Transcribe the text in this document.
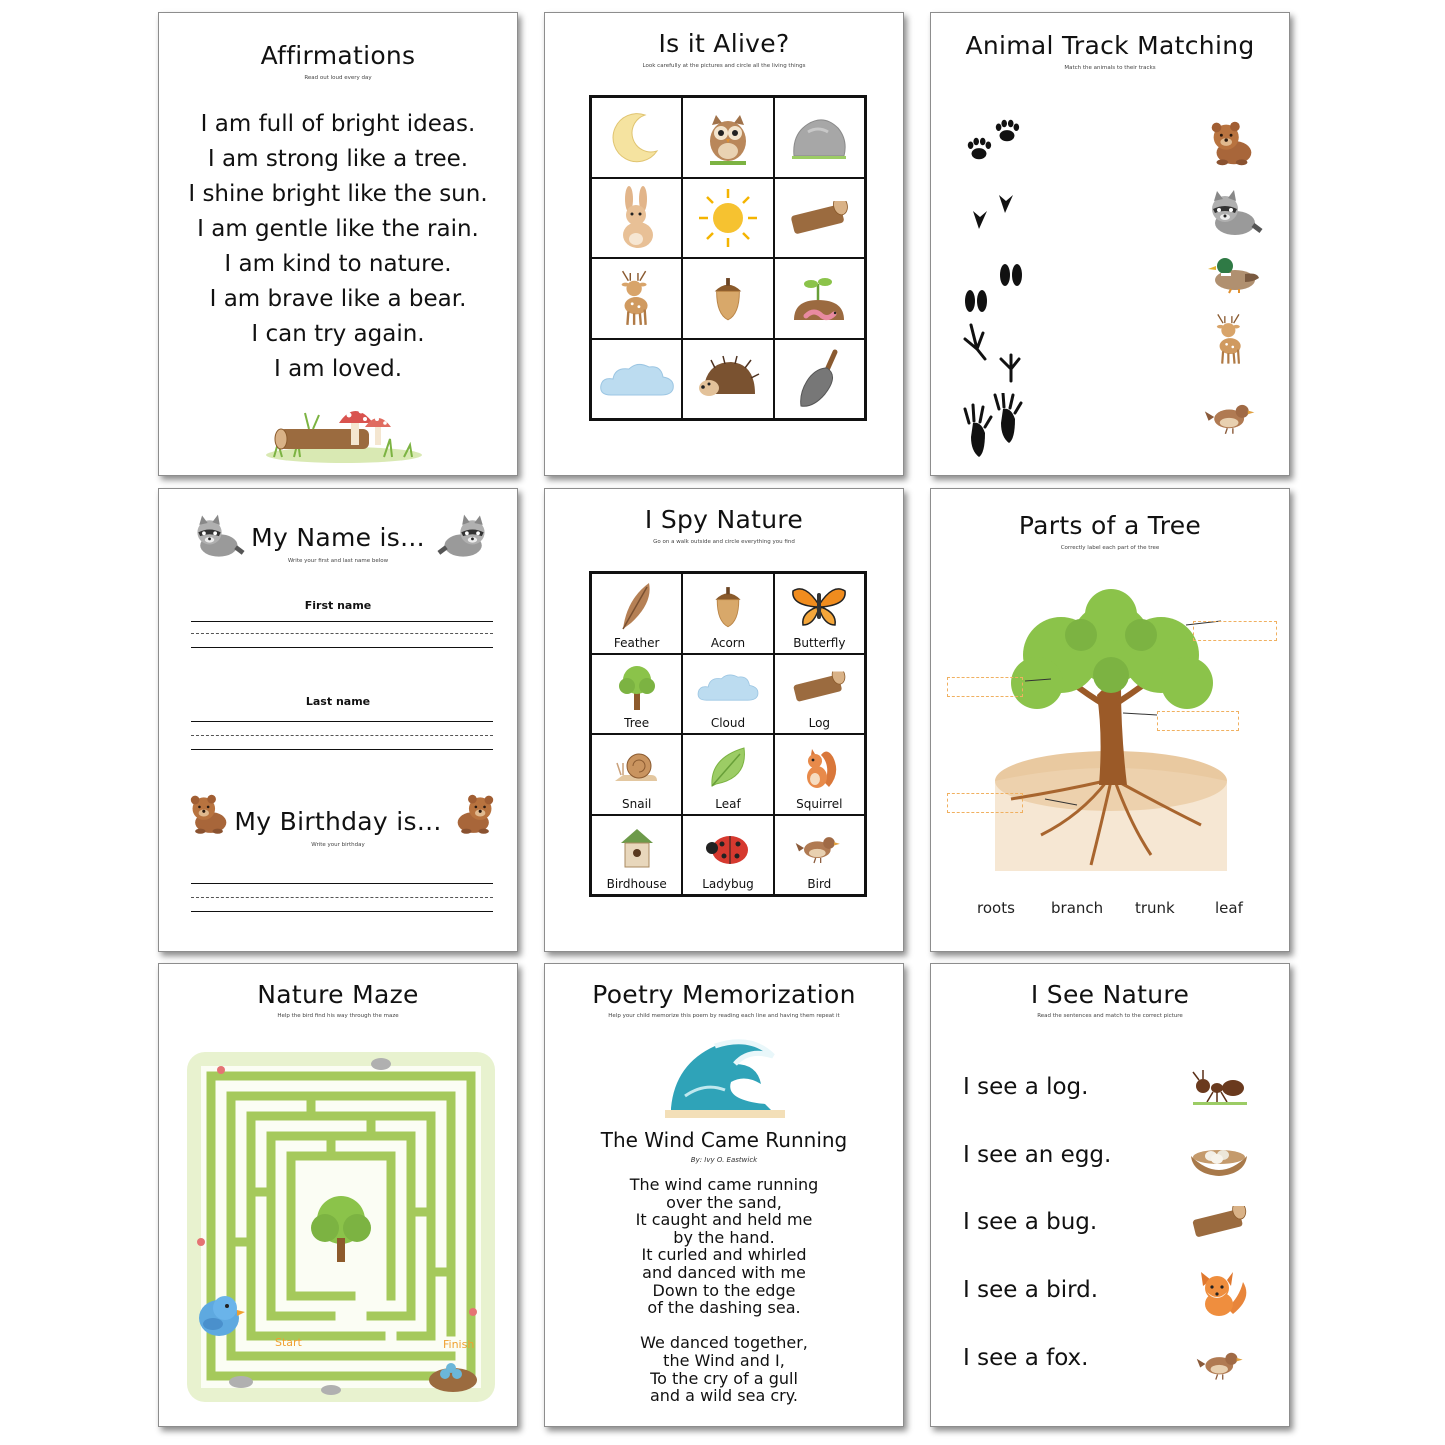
Affirmations
Read out loud every day
I am full of bright ideas.
I am strong like a tree.
I shine bright like the sun.
I am gentle like the rain.
I am kind to nature.
I am brave like a bear.
I can try again.
I am loved.
Is it Alive?
Look carefully at the pictures and circle all the living things
Animal Track Matching
Match the animals to their tracks
My Name is...
Write your first and last name below
First name
Last name
My Birthday is...
Write your birthday
I Spy Nature
Go on a walk outside and circle everything you find
Feather	Acorn	Butterfly
Tree	Cloud	Log
Snail	Leaf	Squirrel
Birdhouse	Ladybug	Bird
Parts of a Tree
Correctly label each part of the tree
roots branch trunk	leaf
Nature Maze
Help the bird find his way through the maze
Start	Finish
Poetry Memorization
Help your child memorize this poem by reading each line and having them repeat it
The Wind Came Running
By: Ivy O. Eastwick
The wind came running
over the sand,
It caught and held me
by the hand.
It curled and whirled
and danced with me
Down to the edge
of the dashing sea.
We danced together,
the Wind and I,
To the cry of a gull
and a wild sea cry.
I See Nature
Read the sentences and match to the correct picture
I see a log.
I see an egg.
I see a bug.
I see a bird.
I see a fox.
